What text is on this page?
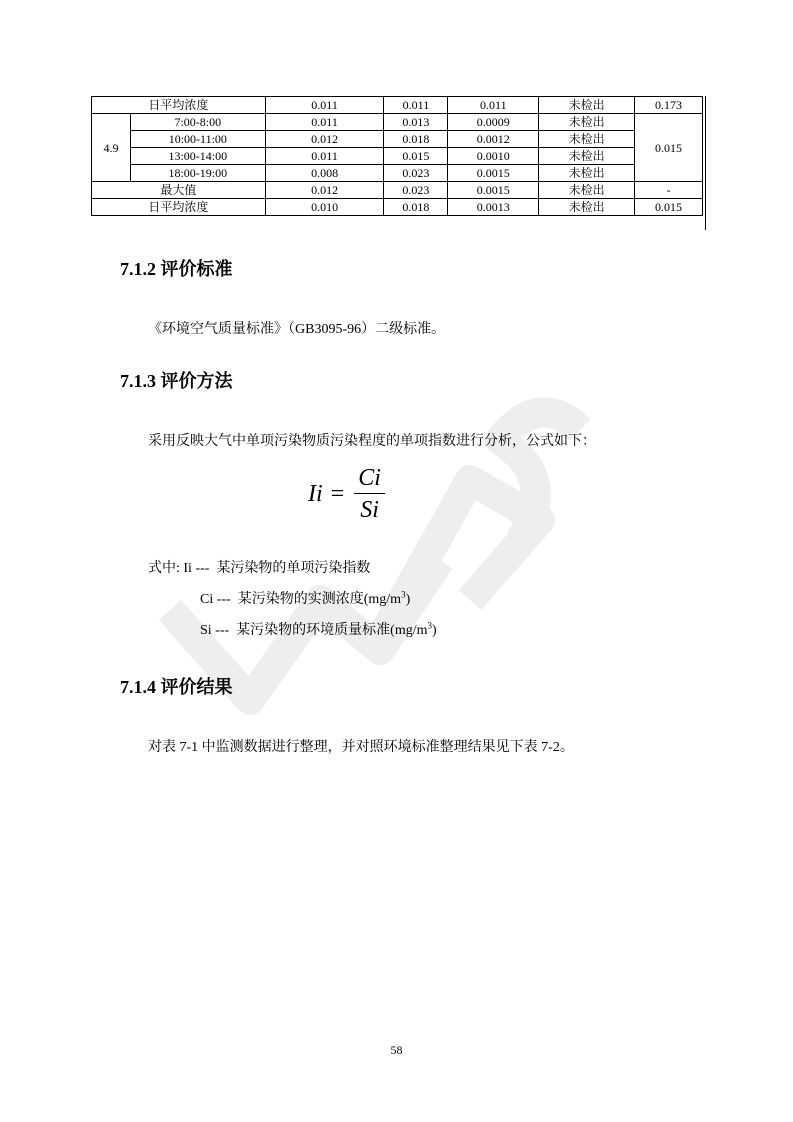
日平均浓度		0.011	0.011	0.011	未检出	0.173
4.9	7:00-8:00	0.011	0.013	0.0009	未检出	0.015
	10:00-11:00	0.012	0.018	0.0012	未检出	
	13:00-14:00	0.011	0.015	0.0010	未检出	
	18:00-19:00	0.008	0.023	0.0015	未检出	
最大值		0.012	0.023	0.0015	未检出	-
日平均浓度		0.010	0.018	0.0013	未检出	0.015
7.1.2 评价标准

《环境空气质量标准》（GB3095-96）二级标准。

7.1.3 评价方法

采用反映大气中单项污染物质污染程度的单项指数进行分析，公式如下：

$Ii = \frac{Ci}{Si}$

式中: Ii ---  某污染物的单项污染指数

Ci ---  某污染物的实测浓度$(mg/m^3)$

Si ---  某污染物的环境质量标准$(mg/m^3)$

7.1.4 评价结果

对表 7-1 中监测数据进行整理，并对照环境标准整理结果见下表 7-2。

58
